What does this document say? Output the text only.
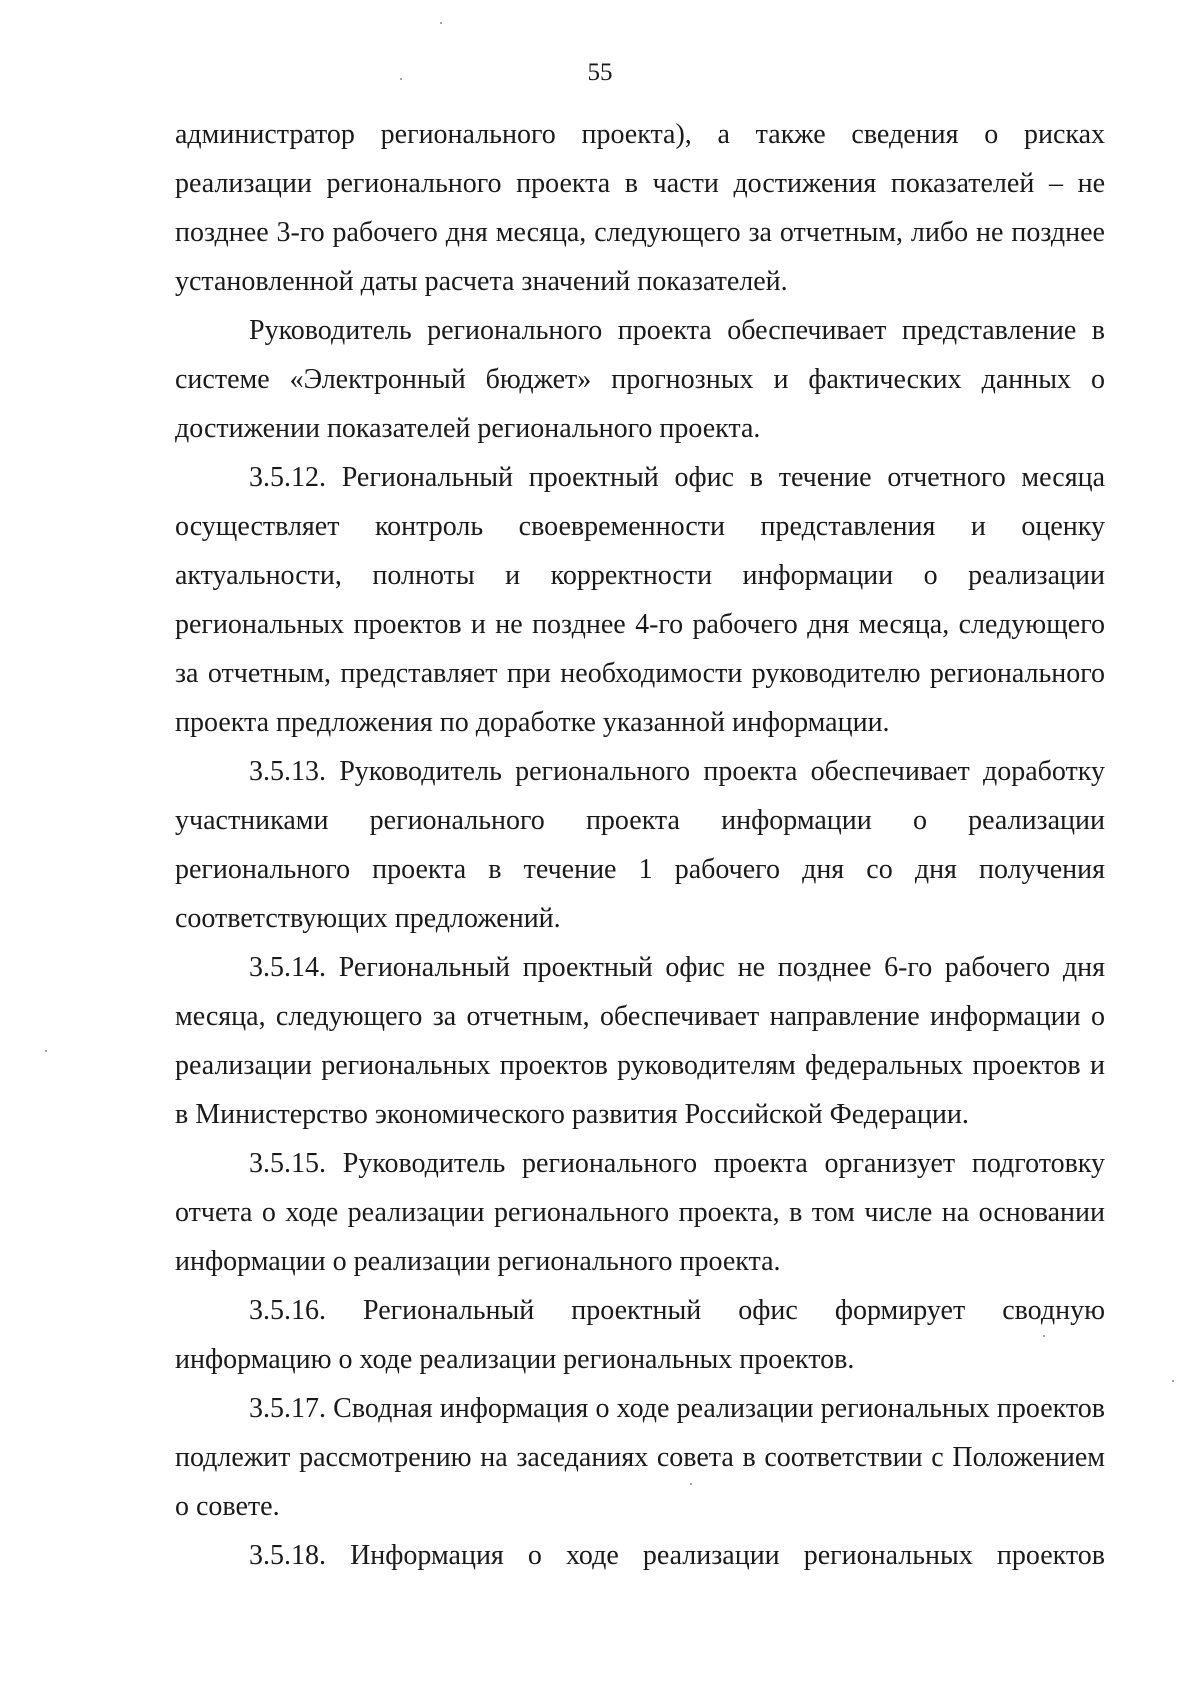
55

администратор регионального проекта), а также сведения о рисках реализации регионального проекта в части достижения показателей – не позднее 3-го рабочего дня месяца, следующего за отчетным, либо не позднее установленной даты расчета значений показателей.

Руководитель регионального проекта обеспечивает представление в системе «Электронный бюджет» прогнозных и фактических данных о достижении показателей регионального проекта.

3.5.12. Региональный проектный офис в течение отчетного месяца осуществляет контроль своевременности представления и оценку актуальности, полноты и корректности информации о реализации региональных проектов и не позднее 4-го рабочего дня месяца, следующего за отчетным, представляет при необходимости руководителю регионального проекта предложения по доработке указанной информации.

3.5.13. Руководитель регионального проекта обеспечивает доработку участниками регионального проекта информации о реализации регионального проекта в течение 1 рабочего дня со дня получения соответствующих предложений.

3.5.14. Региональный проектный офис не позднее 6-го рабочего дня месяца, следующего за отчетным, обеспечивает направление информации о реализации региональных проектов руководителям федеральных проектов и в Министерство экономического развития Российской Федерации.

3.5.15. Руководитель регионального проекта организует подготовку отчета о ходе реализации регионального проекта, в том числе на основании информации о реализации регионального проекта.

3.5.16. Региональный проектный офис формирует сводную информацию о ходе реализации региональных проектов.

3.5.17. Сводная информация о ходе реализации региональных проектов подлежит рассмотрению на заседаниях совета в соответствии с Положением о совете.

3.5.18. Информация о ходе реализации региональных проектов
